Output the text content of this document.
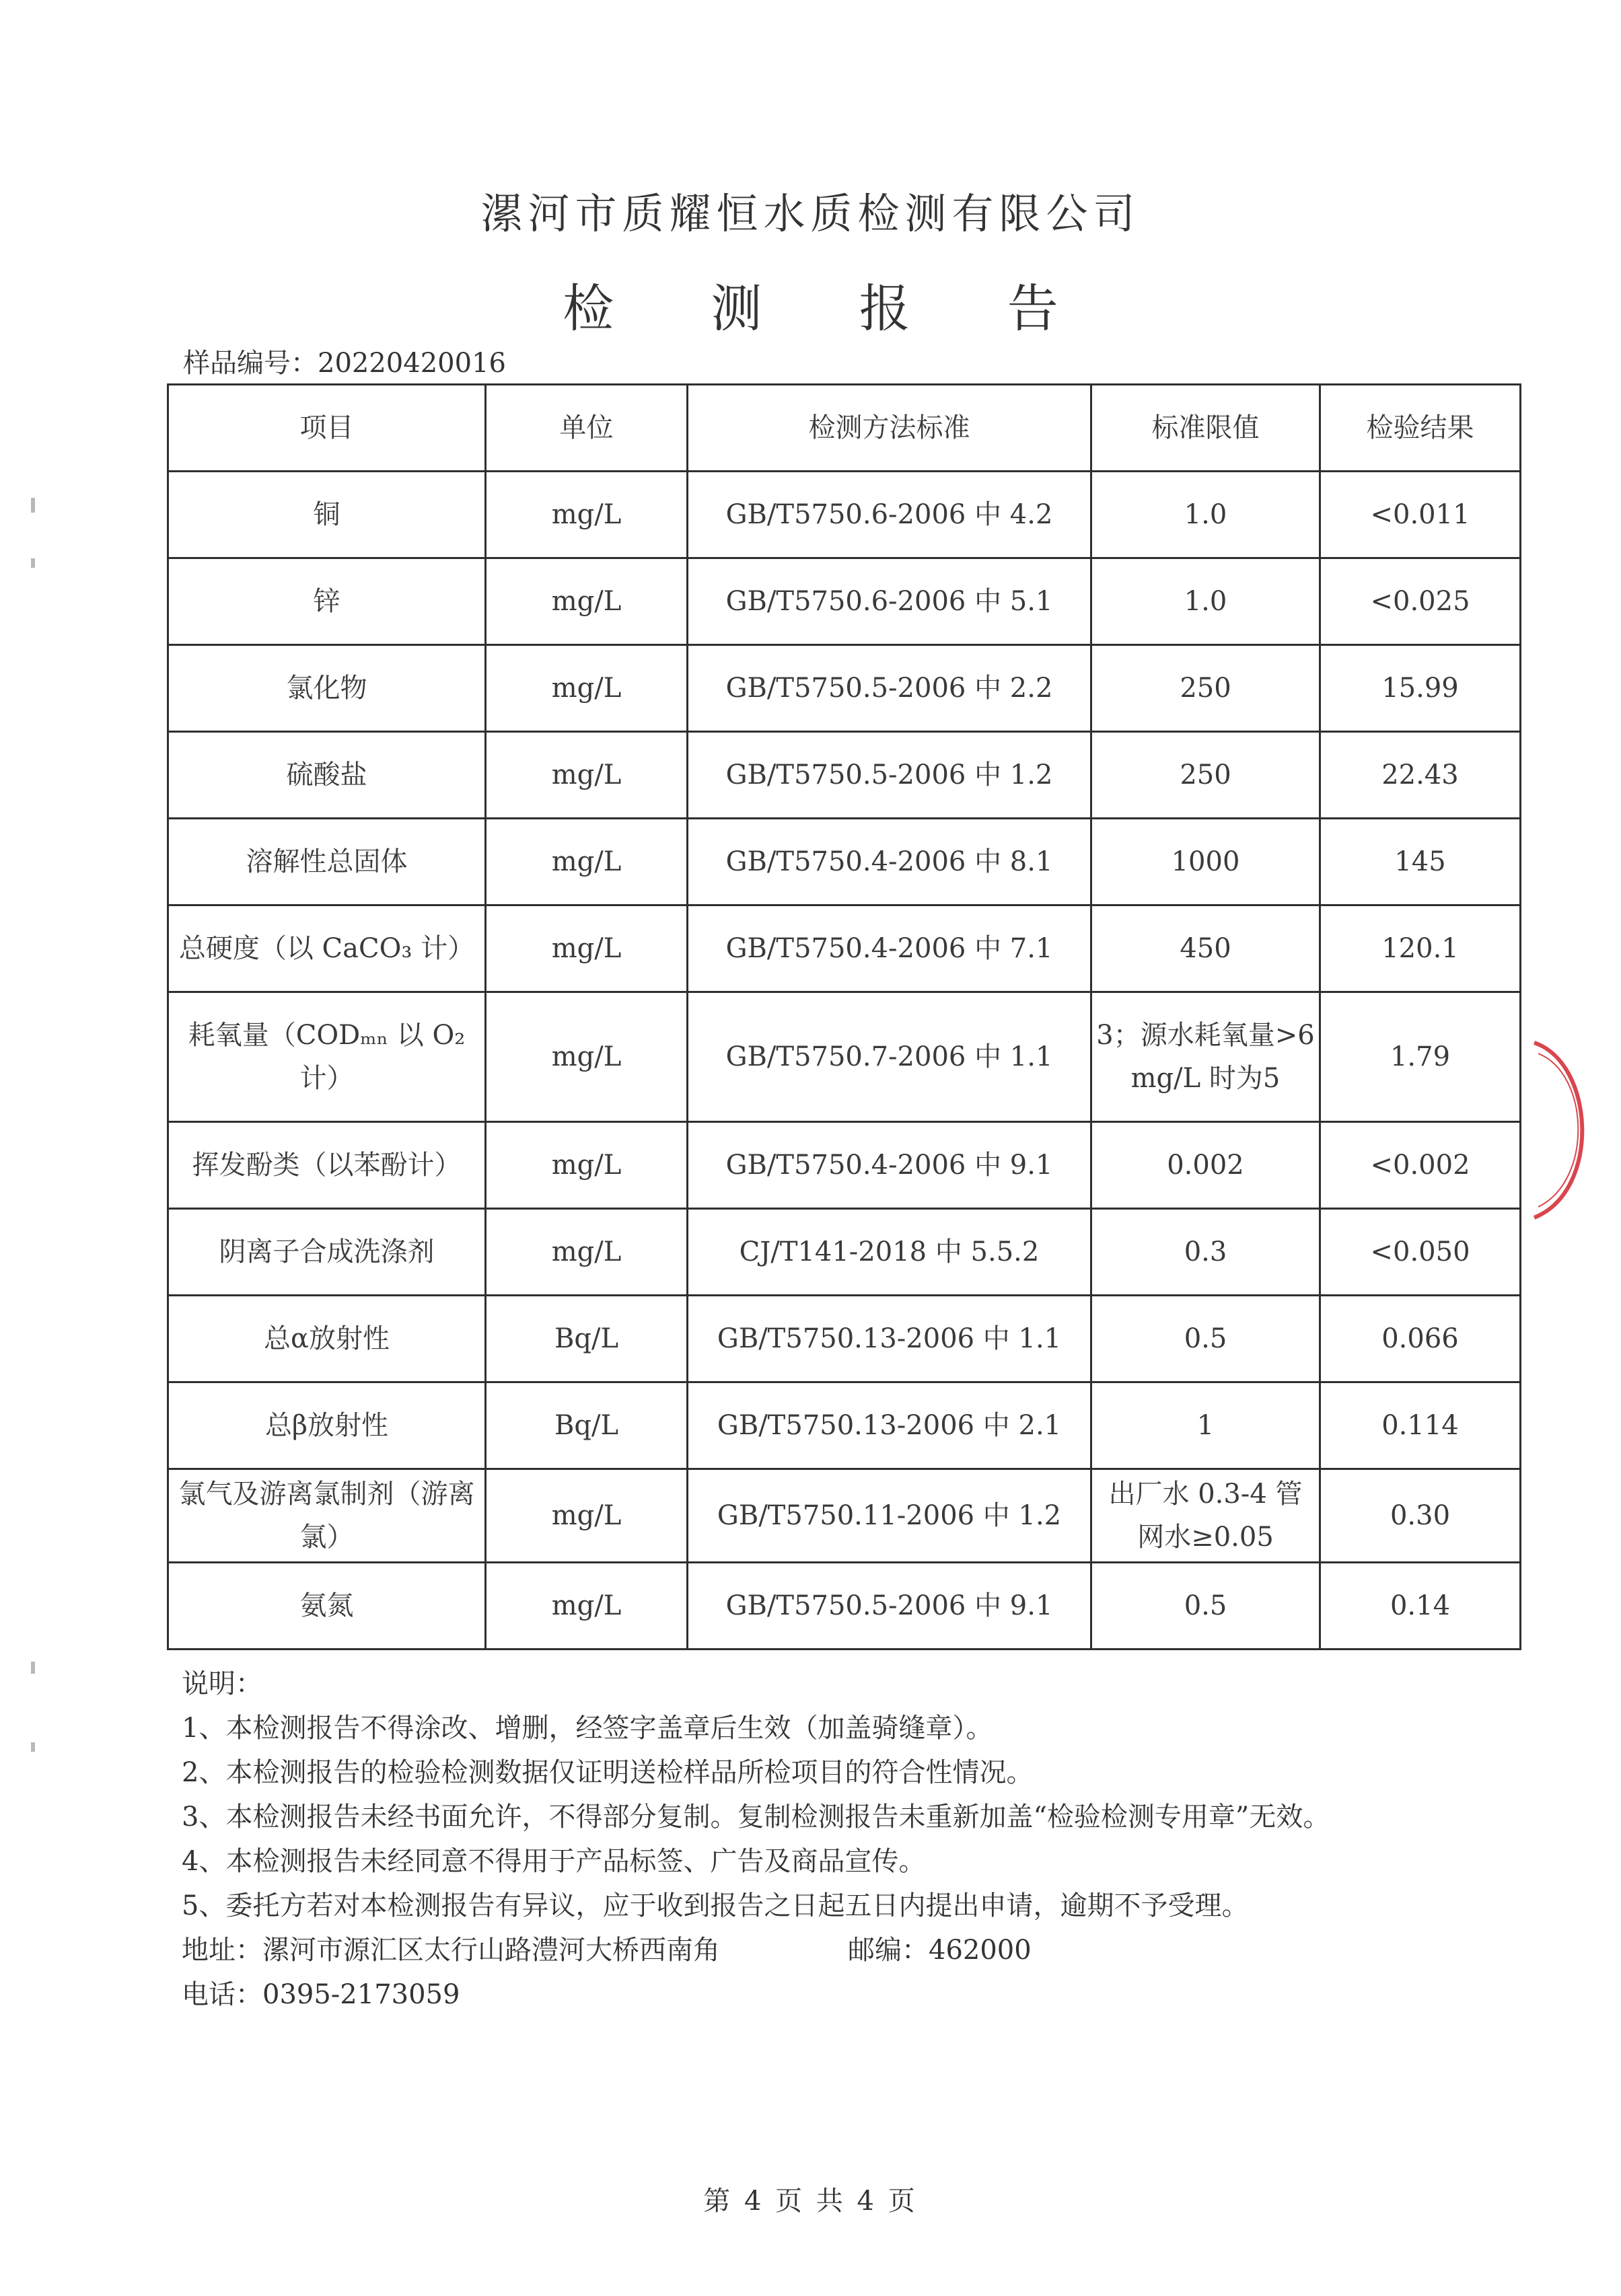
漯河市质耀恒水质检测有限公司
检 测 报 告
样品编号：20220420016
项目	单位	检测方法标准	标准限值	检验结果
铜	mg/L	GB/T5750.6-2006 中 4.2	1.0	<0.011
锌	mg/L	GB/T5750.6-2006 中 5.1	1.0	<0.025
氯化物	mg/L	GB/T5750.5-2006 中 2.2	250	15.99
硫酸盐	mg/L	GB/T5750.5-2006 中 1.2	250	22.43
溶解性总固体	mg/L	GB/T5750.4-2006 中 8.1	1000	145
总硬度（以 CaCO₃ 计）	mg/L	GB/T5750.4-2006 中 7.1	450	120.1
耗氧量（CODₘₙ 以 O₂ 计）	mg/L	GB/T5750.7-2006 中 1.1	3；源水耗氧量>6 mg/L 时为5	1.79
挥发酚类（以苯酚计）	mg/L	GB/T5750.4-2006 中 9.1	0.002	<0.002
阴离子合成洗涤剂	mg/L	CJ/T141-2018 中 5.5.2	0.3	<0.050
总α放射性	Bq/L	GB/T5750.13-2006 中 1.1	0.5	0.066
总β放射性	Bq/L	GB/T5750.13-2006 中 2.1	1	0.114
氯气及游离氯制剂（游离氯）	mg/L	GB/T5750.11-2006 中 1.2	出厂水 0.3-4 管网水≥0.05	0.30
氨氮	mg/L	GB/T5750.5-2006 中 9.1	0.5	0.14
说明：
1、本检测报告不得涂改、增删，经签字盖章后生效（加盖骑缝章）。
2、本检测报告的检验检测数据仅证明送检样品所检项目的符合性情况。
3、本检测报告未经书面允许，不得部分复制。复制检测报告未重新加盖“检验检测专用章”无效。
4、本检测报告未经同意不得用于产品标签、广告及商品宣传。
5、委托方若对本检测报告有异议，应于收到报告之日起五日内提出申请，逾期不予受理。
地址：漯河市源汇区太行山路澧河大桥西南角	邮编：462000
电话：0395-2173059
第 4 页 共 4 页
